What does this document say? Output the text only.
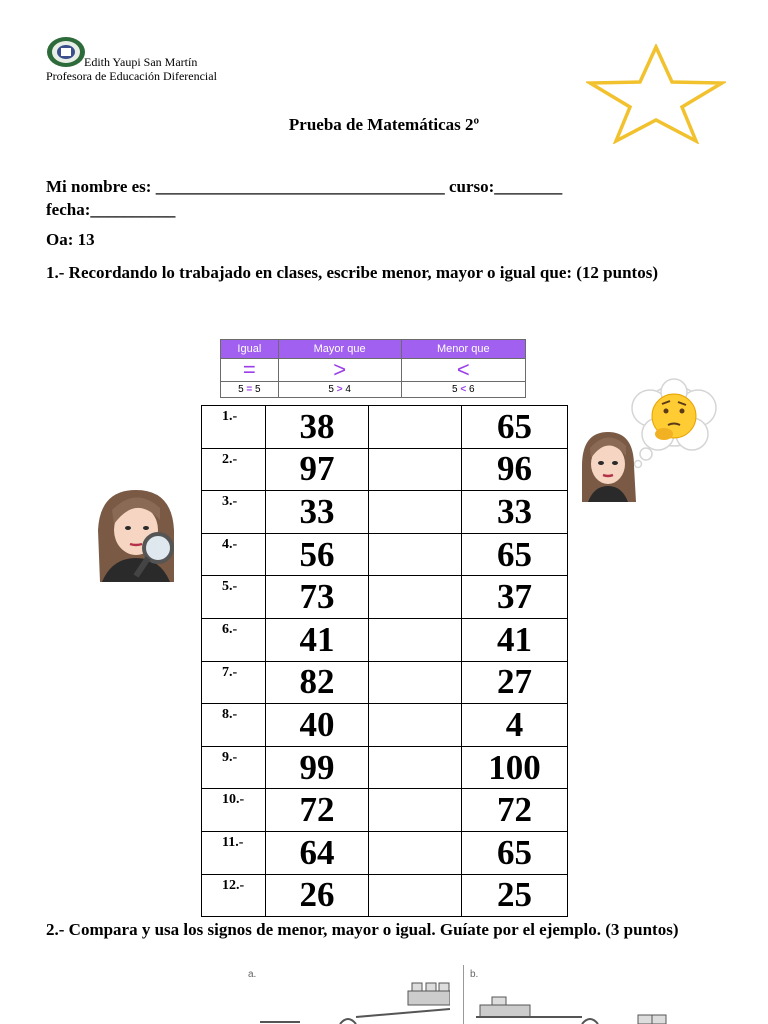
Edith Yaupi San Martín
Profesora de Educación Diferencial
Prueba de Matemáticas 2º
Mi nombre es: __________________________________ curso:________
fecha:__________
Oa: 13
1.- Recordando lo trabajado en clases, escribe menor, mayor o igual que: (12 puntos)
Igual	Mayor que	Menor que
=	>	<
5 = 5	5 > 4	5 < 6
1.-	38		65
2.-	97		96
3.-	33		33
4.-	56		65
5.-	73		37
6.-	41		41
7.-	82		27
8.-	40		4
9.-	99		100
10.-	72		72
11.-	64		65
12.-	26		25
2.- Compara y usa los signos de menor, mayor o igual. Guíate por el ejemplo. (3 puntos)
a.	b.
